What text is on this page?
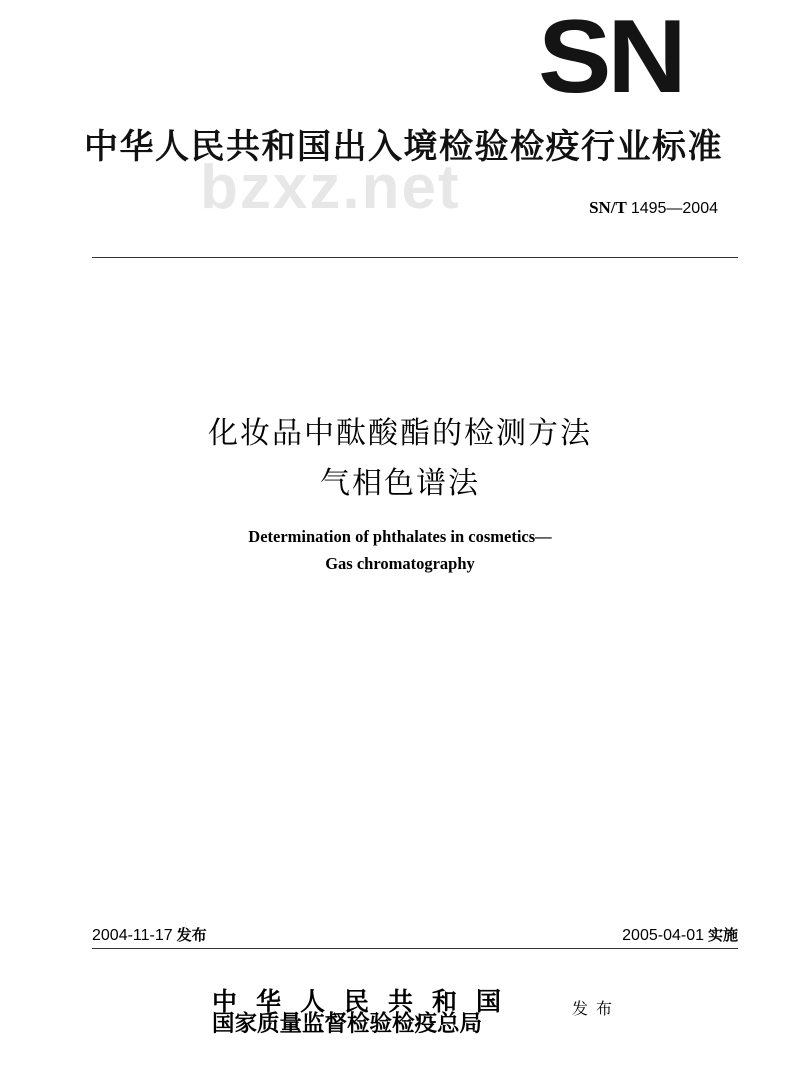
SN
中华人民共和国出入境检验检疫行业标准
bzxz.net	SN/T 1495—2004
化妆品中酞酸酯的检测方法
气相色谱法
Determination of phthalates in cosmetics—
Gas chromatography
2004-11-17 发布	2005-04-01 实施
中华人民共和国
国家质量监督检验检疫总局
发布
